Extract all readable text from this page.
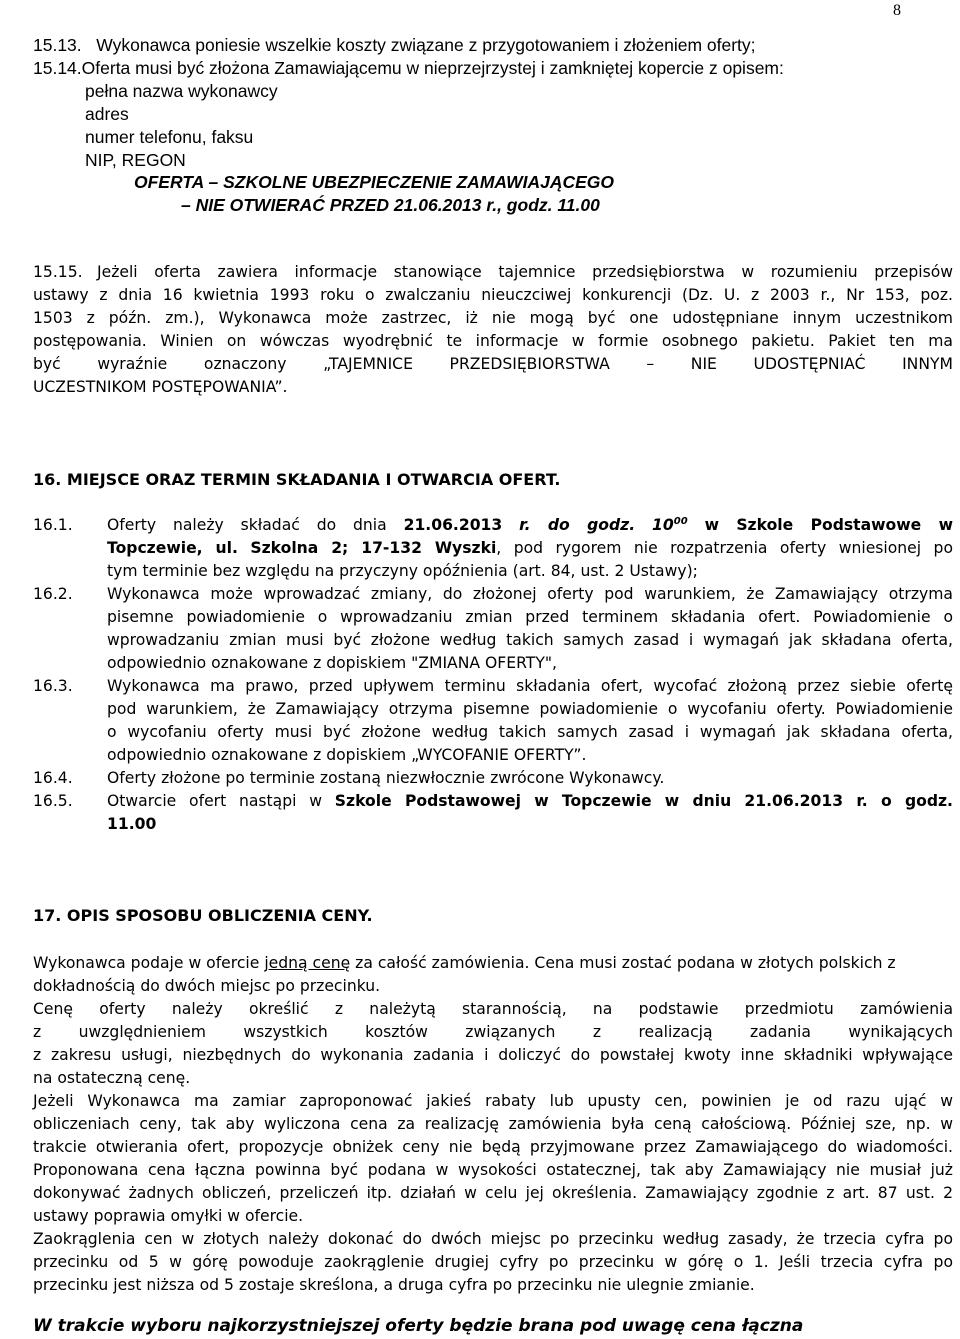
8
15.13. Wykonawca poniesie wszelkie koszty związane z przygotowaniem i złożeniem oferty;
15.14.Oferta musi być złożona Zamawiającemu w nieprzejrzystej i zamkniętej kopercie z opisem:
pełna nazwa wykonawcy
adres
numer telefonu, faksu
NIP, REGON
OFERTA – SZKOLNE UBEZPIECZENIE ZAMAWIAJĄCEGO
– NIE OTWIERAĆ PRZED 21.06.2013 r., godz. 11.00
15.15. Jeżeli oferta zawiera informacje stanowiące tajemnice przedsiębiorstwa w rozumieniu przepisów
ustawy z dnia 16 kwietnia 1993 roku o zwalczaniu nieuczciwej konkurencji (Dz. U. z 2003 r., Nr 153, poz.
1503 z późn. zm.), Wykonawca może zastrzec, iż nie mogą być one udostępniane innym uczestnikom
postępowania. Winien on wówczas wyodrębnić te informacje w formie osobnego pakietu. Pakiet ten ma
być wyraźnie oznaczony „TAJEMNICE PRZEDSIĘBIORSTWA – NIE UDOSTĘPNIAĆ INNYM
UCZESTNIKOM POSTĘPOWANIA”.
16. MIEJSCE ORAZ TERMIN SKŁADANIA I OTWARCIA OFERT.
16.1. Oferty należy składać do dnia 21.06.2013 r. do godz. $10^{00}$ w Szkole Podstawowe w
Topczewie, ul. Szkolna 2; 17-132 Wyszki, pod rygorem nie rozpatrzenia oferty wniesionej po
tym terminie bez względu na przyczyny opóźnienia (art. 84, ust. 2 Ustawy);
16.2. Wykonawca może wprowadzać zmiany, do złożonej oferty pod warunkiem, że Zamawiający otrzyma
pisemne powiadomienie o wprowadzaniu zmian przed terminem składania ofert. Powiadomienie o
wprowadzaniu zmian musi być złożone według takich samych zasad i wymagań jak składana oferta,
odpowiednio oznakowane z dopiskiem "ZMIANA OFERTY",
16.3. Wykonawca ma prawo, przed upływem terminu składania ofert, wycofać złożoną przez siebie ofertę
pod warunkiem, że Zamawiający otrzyma pisemne powiadomienie o wycofaniu oferty. Powiadomienie
o wycofaniu oferty musi być złożone według takich samych zasad i wymagań jak składana oferta,
odpowiednio oznakowane z dopiskiem „WYCOFANIE OFERTY”.
16.4. Oferty złożone po terminie zostaną niezwłocznie zwrócone Wykonawcy.
16.5. Otwarcie ofert nastąpi w Szkole Podstawowej w Topczewie w dniu 21.06.2013 r. o godz.
11.00
17. OPIS SPOSOBU OBLICZENIA CENY.
Wykonawca podaje w ofercie jedną cenę za całość zamówienia. Cena musi zostać podana w złotych polskich z
dokładnością do dwóch miejsc po przecinku.
Cenę oferty należy określić z należytą starannością, na podstawie przedmiotu zamówienia
z uwzględnieniem wszystkich kosztów związanych z realizacją zadania wynikających
z zakresu usługi, niezbędnych do wykonania zadania i doliczyć do powstałej kwoty inne składniki wpływające
na ostateczną cenę.
Jeżeli Wykonawca ma zamiar zaproponować jakieś rabaty lub upusty cen, powinien je od razu ująć w
obliczeniach ceny, tak aby wyliczona cena za realizację zamówienia była ceną całościową. Później sze, np. w
trakcie otwierania ofert, propozycje obniżek ceny nie będą przyjmowane przez Zamawiającego do wiadomości.
Proponowana cena łączna powinna być podana w wysokości ostatecznej, tak aby Zamawiający nie musiał już
dokonywać żadnych obliczeń, przeliczeń itp. działań w celu jej określenia. Zamawiający zgodnie z art. 87 ust. 2
ustawy poprawia omyłki w ofercie.
Zaokrąglenia cen w złotych należy dokonać do dwóch miejsc po przecinku według zasady, że trzecia cyfra po
przecinku od 5 w górę powoduje zaokrąglenie drugiej cyfry po przecinku w górę o 1. Jeśli trzecia cyfra po
przecinku jest niższa od 5 zostaje skreślona, a druga cyfra po przecinku nie ulegnie zmianie.
W trakcie wyboru najkorzystniejszej oferty będzie brana pod uwagę cena łączna
